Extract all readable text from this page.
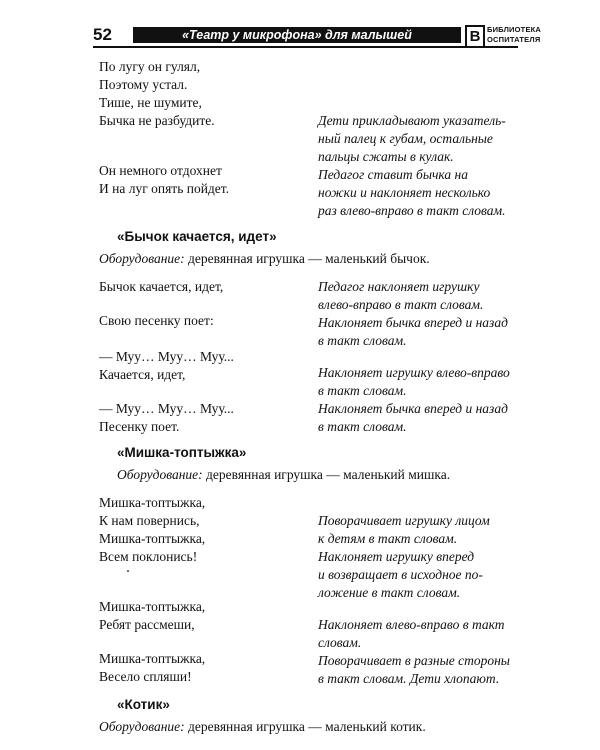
52	«Театр у микрофона» для малышей	В БИБЛИОТЕКА
ОСПИТАТЕЛЯ
По лугу он гулял,
Поэтому устал.
Тише, не шумите,
Бычка не разбудите.
Он немного отдохнет
И на луг опять пойдет.
Дети прикладывают указатель-
ный палец к губам, остальные
пальцы сжаты в кулак.
Педагог ставит бычка на
ножки и наклоняет несколько
раз влево-вправо в такт словам.
«Бычок качается, идет»
Оборудование: деревянная игрушка — маленький бычок.
Бычок качается, идет,
Свою песенку поет:
— Муу… Муу… Муу...
Качается, идет,
— Муу… Муу… Муу...
Песенку поет.
Педагог наклоняет игрушку
влево-вправо в такт словам.
Наклоняет бычка вперед и назад
в такт словам.
Наклоняет игрушку влево-вправо
в такт словам.
Наклоняет бычка вперед и назад
в такт словам.
«Мишка-топтыжка»
Оборудование: деревянная игрушка — маленький мишка.
Мишка-топтыжка,
К нам повернись,
Мишка-топтыжка,
Всем поклонись!
Мишка-топтыжка,
Ребят рассмеши,
Мишка-топтыжка,
Весело спляши!
Поворачивает игрушку лицом
к детям в такт словам.
Наклоняет игрушку вперед
и возвращает в исходное по-
ложение в такт словам.
Наклоняет влево-вправо в такт
словам.
Поворачивает в разные стороны
в такт словам. Дети хлопают.
«Котик»
Оборудование: деревянная игрушка — маленький котик.
